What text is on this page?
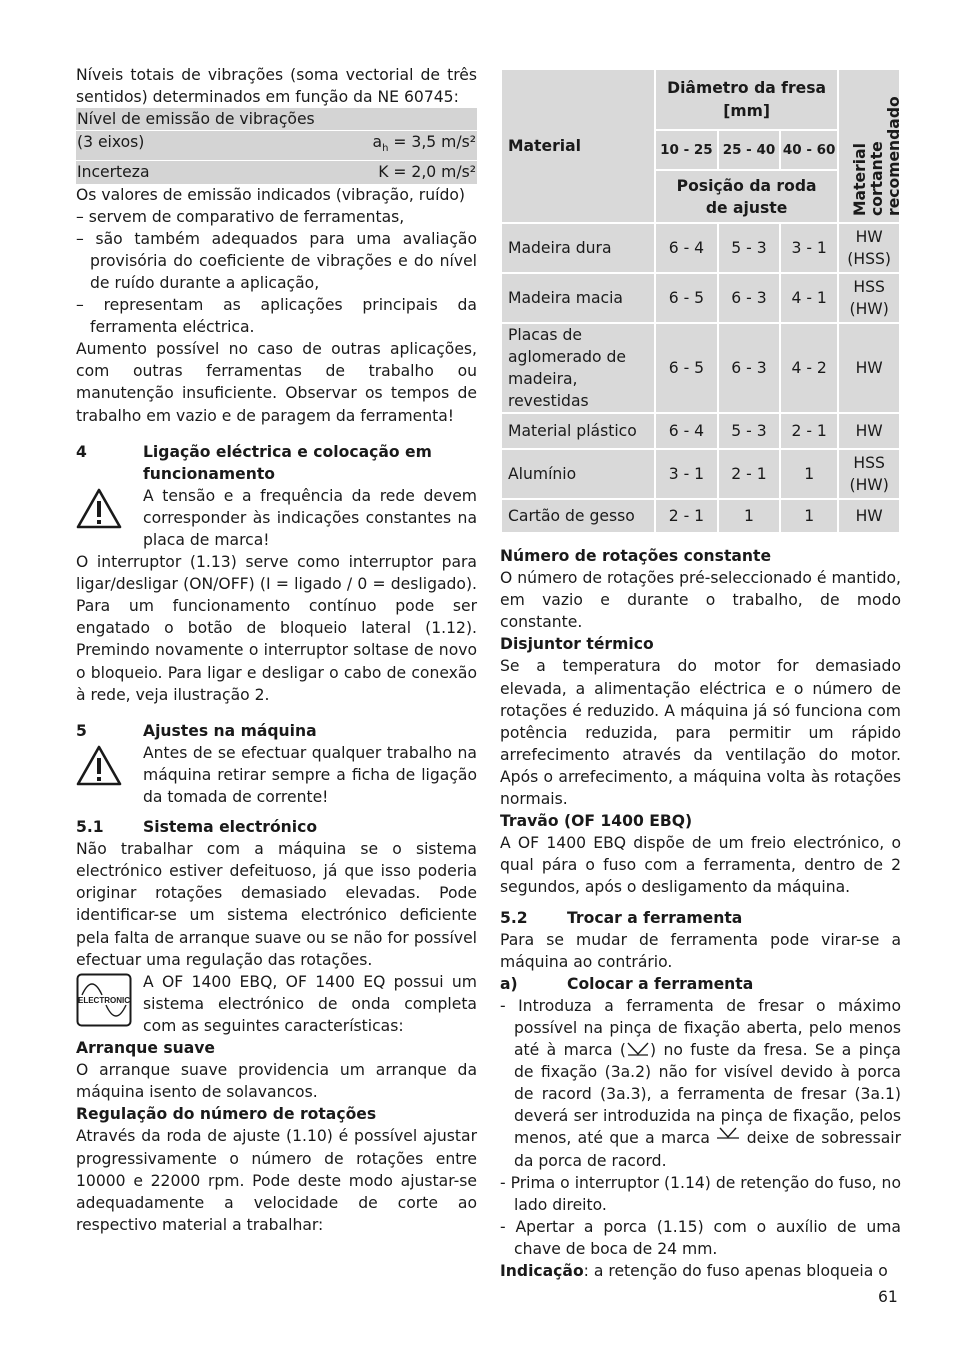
Níveis totais de vibrações (soma vectorial de três sentidos) determinados em função da NE 60745:

Nível de emissão de vibrações
(3 eixos)	$a_h = 3,5$ m/s²
Incerteza	K = 2,0 m/s²

Os valores de emissão indicados (vibração, ruído)

– servem de comparativo de ferramentas,
– são também adequados para uma avaliação provisória do coeficiente de vibrações e do nível de ruído durante a aplicação,
– representam as aplicações principais da ferramenta eléctrica.

Aumento possível no caso de outras aplicações, com outras ferramentas de trabalho ou manutenção insuficiente. Observar os tempos de trabalho em vazio e de paragem da ferramenta!

4	Ligação eléctrica e colocação em funcionamento
A tensão e a frequência da rede devem corresponder às indicações constantes na placa de marca!

O interruptor (1.13) serve como interruptor para ligar/desligar (ON/OFF) (I = ligado / 0 = desligado). Para um funcionamento contínuo pode ser engatado o botão de bloqueio lateral (1.12). Premindo novamente o interruptor soltase de novo o bloqueio. Para ligar e desligar o cabo de conexão à rede, veja ilustração 2.

5	Ajustes na máquina
Antes de se efectuar qualquer trabalho na máquina retirar sempre a ficha de ligação da tomada de corrente!
5.1	Sistema electrónico

Não trabalhar com a máquina se o sistema electrónico estiver defeituoso, já que isso poderia originar rotações demasiado elevadas. Pode identificar-se um sistema electrónico deficiente pela falta de arranque suave ou se não for possível efectuar uma regulação das rotações.

ELECTRONIC
A OF 1400 EBQ, OF 1400 EQ possui um sistema electrónico de onda completa com as seguintes características:
Arranque suave

O arranque suave providencia um arranque da máquina isento de solavancos.

Regulação do número de rotações

Através da roda de ajuste (1.10) é possível ajustar progressivamente o número de rotações entre 10000 e 22000 rpm. Pode deste modo ajustar-se adequadamente a velocidade de corte ao respectivo material a trabalhar:

Material	Diâmetro da fresa [mm]			Material cortante recomendado

	10 - 25	25 - 40	40 - 60	
	Posição da roda de ajuste			
Madeira dura	6 - 4	5 - 3	3 - 1	HW (HSS)
Madeira macia	6 - 5	6 - 3	4 - 1	HSS (HW)
Placas de aglomerado de madeira, revestidas	6 - 5	6 - 3	4 - 2	HW
Material plástico	6 - 4	5 - 3	2 - 1	HW
Alumínio	3 - 1	2 - 1	1	HSS (HW)
Cartão de gesso	2 - 1	1	1	HW
Número de rotações constante

O número de rotações pré-seleccionado é mantido, em vazio e durante o trabalho, de modo constante.

Disjuntor térmico

Se a temperatura do motor for demasiado elevada, a alimentação eléctrica e o número de rotações é reduzido. A máquina já só funciona com potência reduzida, para permitir um rápido arrefecimento através da ventilação do motor. Após o arrefecimento, a máquina volta às rotações normais.

Travão (OF 1400 EBQ)

A OF 1400 EBQ dispõe de um freio electrónico, o qual pára o fuso com a ferramenta, dentro de 2 segundos, após o desligamento da máquina.

5.2	Trocar a ferramenta

Para se mudar de ferramenta pode virar-se a máquina ao contrário.

a)	Colocar a ferramenta
- Introduza a ferramenta de fresar o máximo possível na pinça de fixação aberta, pelo menos até à marca ( ) no fuste da fresa. Se a pinça de fixação (3a.2) não for visível devido à porca de racord (3a.3), a ferramenta de fresar (3a.1) deverá ser introduzida na pinça de fixação, pelos menos, até que a marca  deixe de sobressair da porca de racord.
- Prima o interruptor (1.14) de retenção do fuso, no lado direito.
- Apertar a porca (1.15) com o auxílio de uma chave de boca de 24 mm.

Indicação: a retenção do fuso apenas bloqueia o

61
